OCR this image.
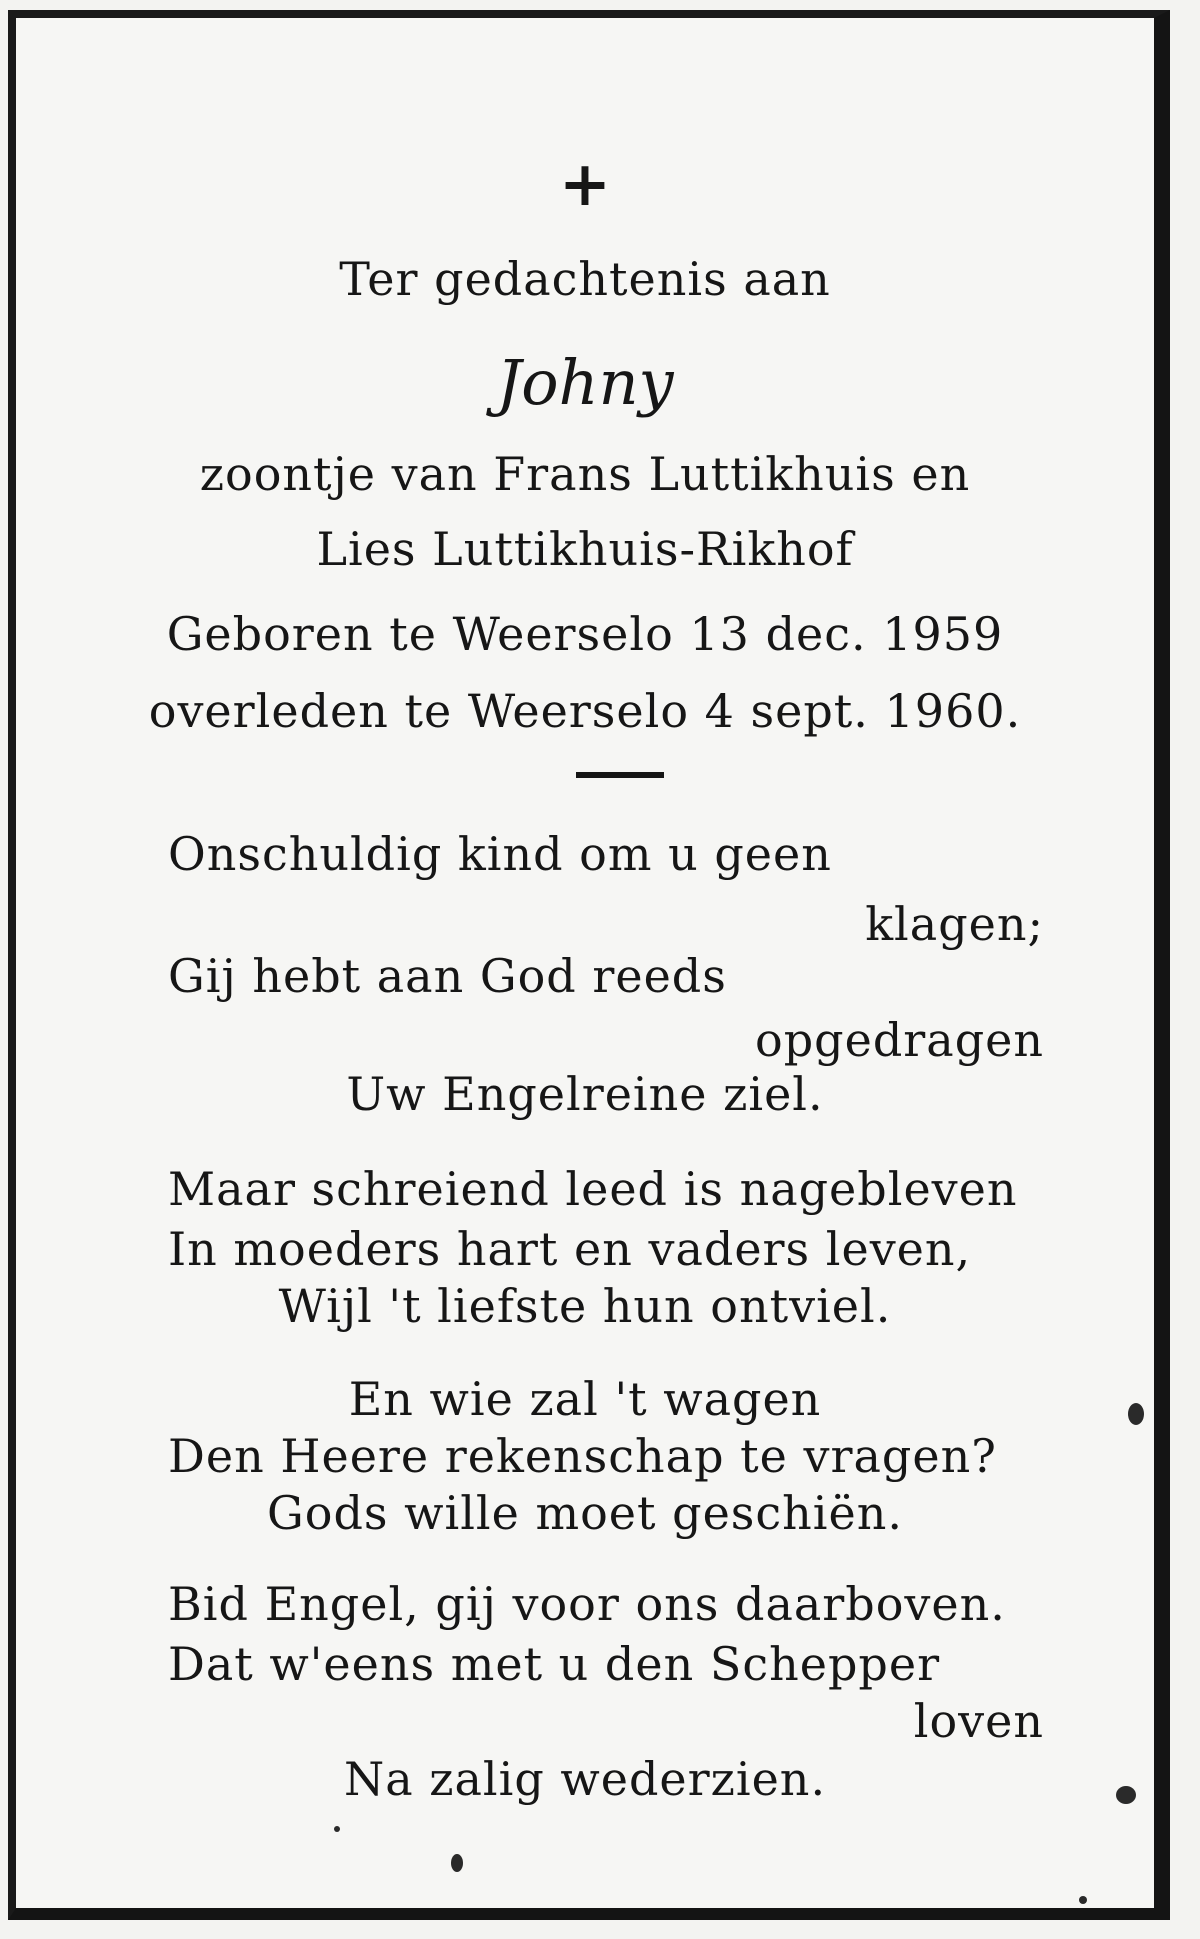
+
Ter gedachtenis aan
Johny
zoontje van Frans Luttikhuis en
Lies Luttikhuis-Rikhof
Geboren te Weerselo 13 dec. 1959
overleden te Weerselo 4 sept. 1960.
Onschuldig kind om u geen
klagen;
Gij hebt aan God reeds
opgedragen
Uw Engelreine ziel.
Maar schreiend leed is nagebleven
In moeders hart en vaders leven,
Wijl 't liefste hun ontviel.
En wie zal 't wagen
Den Heere rekenschap te vragen?
Gods wille moet geschiën.
Bid Engel, gij voor ons daarboven.
Dat w'eens met u den Schepper
loven
Na zalig wederzien.
